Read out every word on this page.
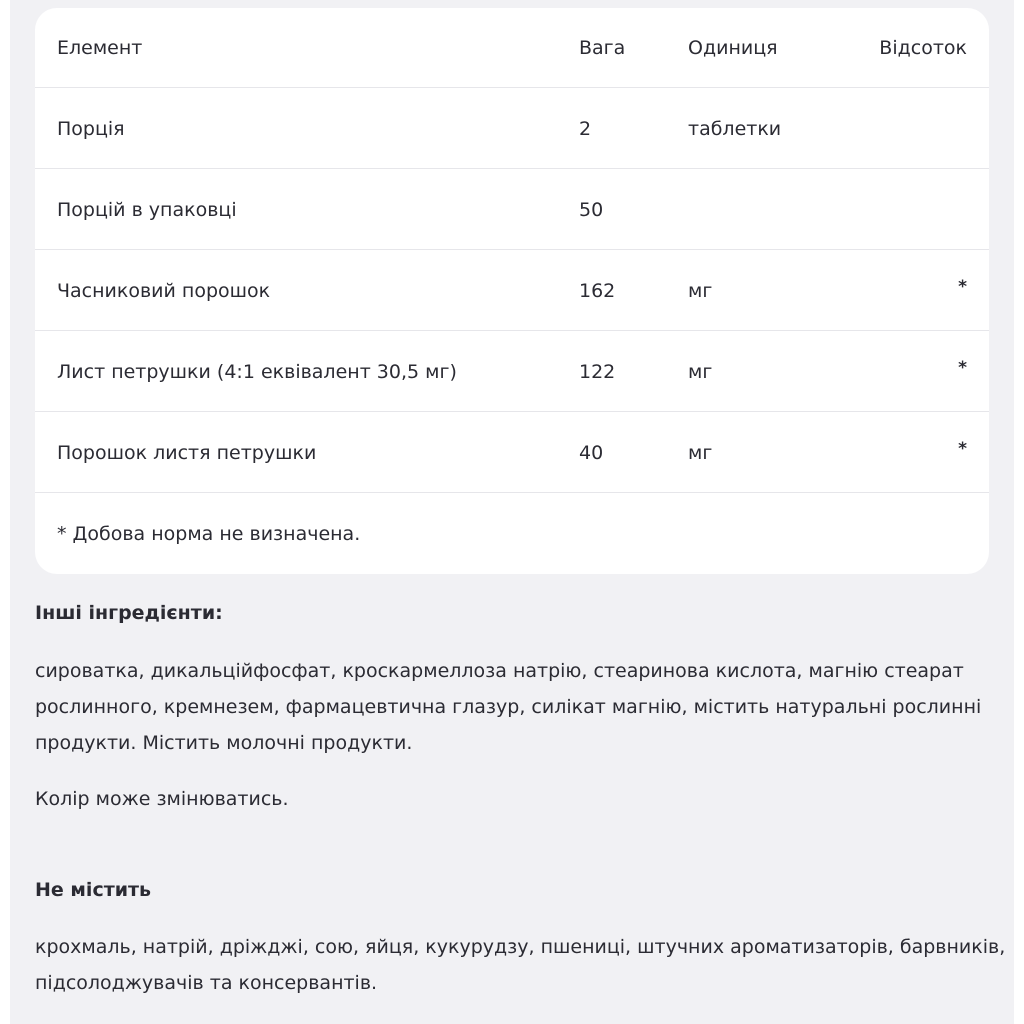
Елемент	Вага	Одиниця	Відсоток
Порція	2	таблетки
Порцій в упаковці	50
Часниковий порошок	162	мг	*
Лист петрушки (4:1 еквівалент 30,5 мг)	122	мг	*
Порошок листя петрушки	40	мг	*
* Добова норма не визначена.
Інші інгредієнти:
сироватка, дикальційфосфат, кроскармеллоза натрію, стеаринова кислота, магнію стеарат рослинного, кремнезем, фармацевтична глазур, силікат магнію, містить натуральні рослинні продукти. Містить молочні продукти.
Колір може змінюватись.
Не містить
крохмаль, натрій, дріжджі, сою, яйця, кукурудзу, пшениці, штучних ароматизаторів, барвників, підсолоджувачів та консервантів.
